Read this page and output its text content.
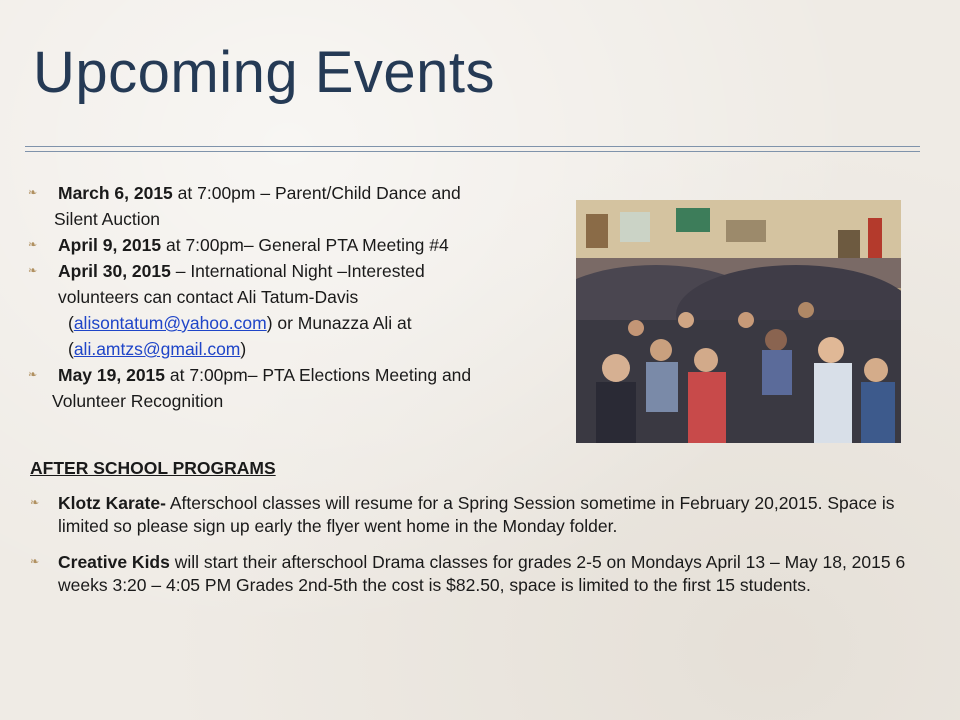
Upcoming Events
❧ March 6, 2015 at 7:00pm – Parent/Child Dance and
Silent Auction
❧ April 9, 2015 at 7:00pm– General PTA Meeting #4
❧ April 30, 2015 – International Night –Interested
volunteers can contact Ali Tatum-Davis
(alisontatum@yahoo.com) or Munazza Ali at
(ali.amtzs@gmail.com)
❧ May 19, 2015 at 7:00pm– PTA Elections Meeting and
Volunteer Recognition
AFTER SCHOOL PROGRAMS
❧ Klotz Karate- Afterschool classes will resume for a Spring Session sometime in February 20,2015. Space is limited so please sign up early the flyer went home in the Monday folder.
❧ Creative Kids will start their afterschool Drama classes for grades 2-5 on Mondays April 13 – May 18, 2015 6 weeks 3:20 – 4:05 PM Grades 2nd-5th the cost is $82.50, space is limited to the first 15 students.
